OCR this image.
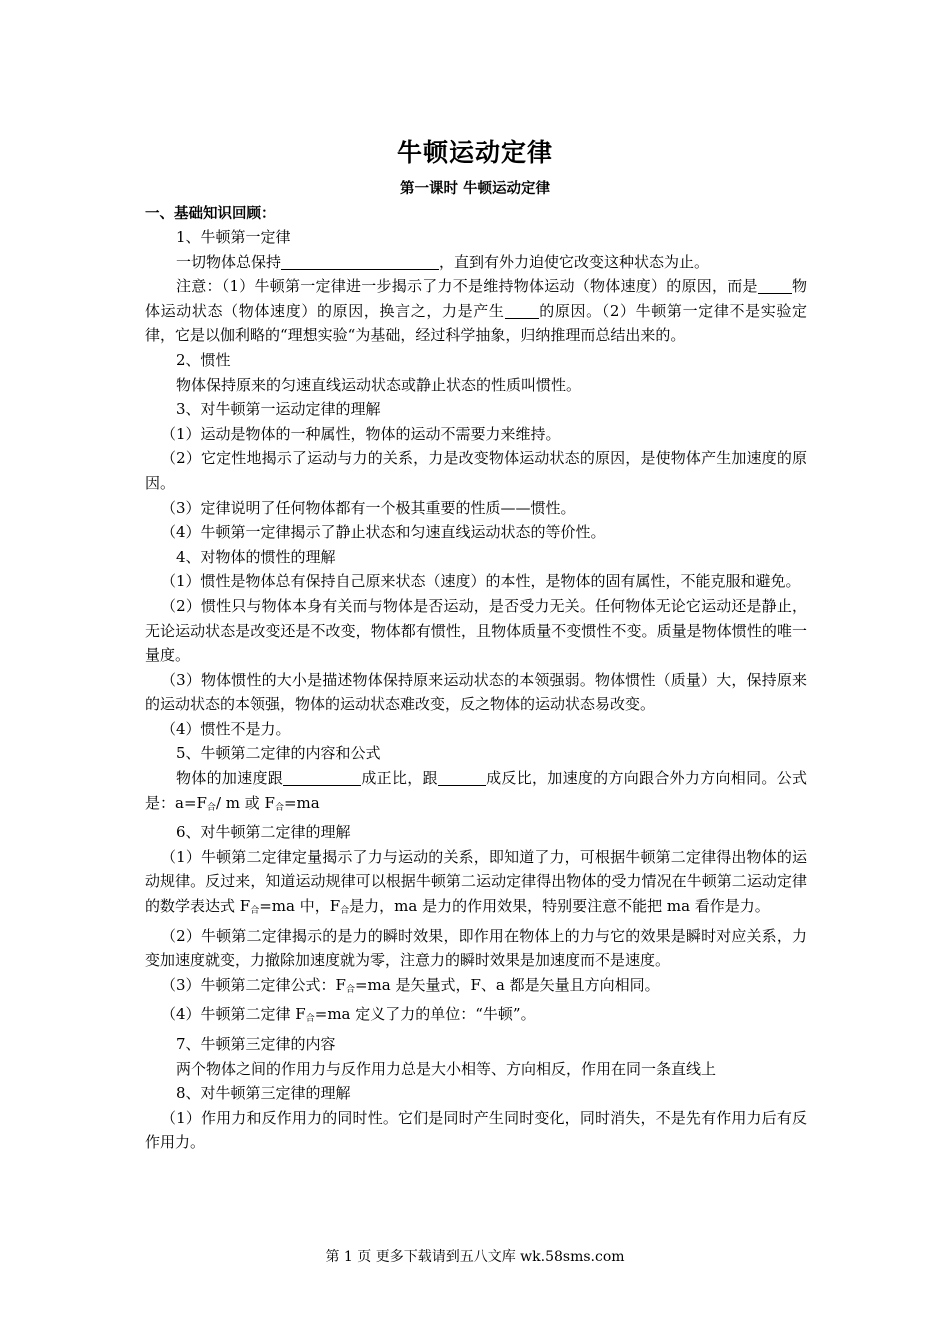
牛顿运动定律
第一课时 牛顿运动定律
一、基础知识回顾：

1、牛顿第一定律

一切物体总保持	，直到有外力迫使它改变这种状态为止。

注意：（1）牛顿第一定律进一步揭示了力不是维持物体运动（物体速度）的原因，而是 物体运动状态（物体速度）的原因，换言之，力是产生 的原因。（2）牛顿第一定律不是实验定律，它是以伽利略的“理想实验“为基础，经过科学抽象，归纳推理而总结出来的。

2、惯性

物体保持原来的匀速直线运动状态或静止状态的性质叫惯性。

3、对牛顿第一运动定律的理解

（1）运动是物体的一种属性，物体的运动不需要力来维持。

（2）它定性地揭示了运动与力的关系，力是改变物体运动状态的原因，是使物体产生加速度的原因。

（3）定律说明了任何物体都有一个极其重要的性质——惯性。

（4）牛顿第一定律揭示了静止状态和匀速直线运动状态的等价性。

4、对物体的惯性的理解

（1）惯性是物体总有保持自己原来状态（速度）的本性，是物体的固有属性，不能克服和避免。

（2）惯性只与物体本身有关而与物体是否运动，是否受力无关。任何物体无论它运动还是静止，无论运动状态是改变还是不改变，物体都有惯性，且物体质量不变惯性不变。质量是物体惯性的唯一量度。

（3）物体惯性的大小是描述物体保持原来运动状态的本领强弱。物体惯性（质量）大，保持原来的运动状态的本领强，物体的运动状态难改变，反之物体的运动状态易改变。

（4）惯性不是力。

5、牛顿第二定律的内容和公式

物体的加速度跟	成正比，跟	成反比，加速度的方向跟合外力方向相同。公式是：$a=F_合/$ m 或 $F_合=ma$

6、对牛顿第二定律的理解

（1）牛顿第二定律定量揭示了力与运动的关系，即知道了力，可根据牛顿第二定律得出物体的运动规律。反过来，知道运动规律可以根据牛顿第二运动定律得出物体的受力情况在牛顿第二运动定律的数学表达式 $F_合=ma$ 中，$F_合$是力，ma 是力的作用效果，特别要注意不能把 ma 看作是力。

（2）牛顿第二定律揭示的是力的瞬时效果，即作用在物体上的力与它的效果是瞬时对应关系，力变加速度就变，力撤除加速度就为零，注意力的瞬时效果是加速度而不是速度。

（3）牛顿第二定律公式：$F_合=ma$ 是矢量式，F、a 都是矢量且方向相同。

（4）牛顿第二定律 $F_合=ma$ 定义了力的单位：“牛顿”。

7、牛顿第三定律的内容

两个物体之间的作用力与反作用力总是大小相等、方向相反，作用在同一条直线上

8、对牛顿第三定律的理解

（1）作用力和反作用力的同时性。它们是同时产生同时变化，同时消失，不是先有作用力后有反作用力。

第 1 页 更多下载请到五八文库 wk.58sms.com
